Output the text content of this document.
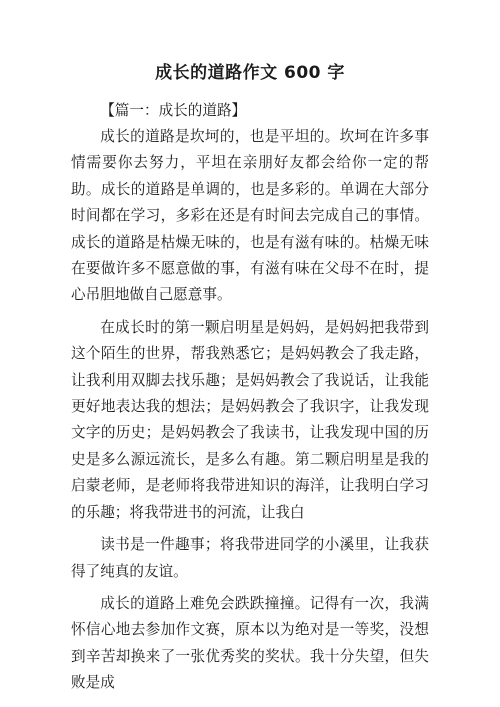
成长的道路作文 600 字

【篇一：成长的道路】

成长的道路是坎坷的，也是平坦的。坎坷在许多事情需要你去努力，平坦在亲朋好友都会给你一定的帮助。成长的道路是单调的，也是多彩的。单调在大部分时间都在学习，多彩在还是有时间去完成自己的事情。成长的道路是枯燥无味的，也是有滋有味的。枯燥无味在要做许多不愿意做的事，有滋有味在父母不在时，提心吊胆地做自己愿意事。

在成长时的第一颗启明星是妈妈，是妈妈把我带到这个陌生的世界，帮我熟悉它；是妈妈教会了我走路，让我利用双脚去找乐趣；是妈妈教会了我说话，让我能更好地表达我的想法；是妈妈教会了我识字，让我发现文字的历史；是妈妈教会了我读书，让我发现中国的历史是多么源远流长，是多么有趣。第二颗启明星是我的启蒙老师，是老师将我带进知识的海洋，让我明白学习的乐趣；将我带进书的河流，让我白

读书是一件趣事；将我带进同学的小溪里，让我获得了纯真的友谊。

成长的道路上难免会跌跌撞撞。记得有一次，我满怀信心地去参加作文赛，原本以为绝对是一等奖，没想到辛苦却换来了一张优秀奖的奖状。我十分失望，但失败是成
